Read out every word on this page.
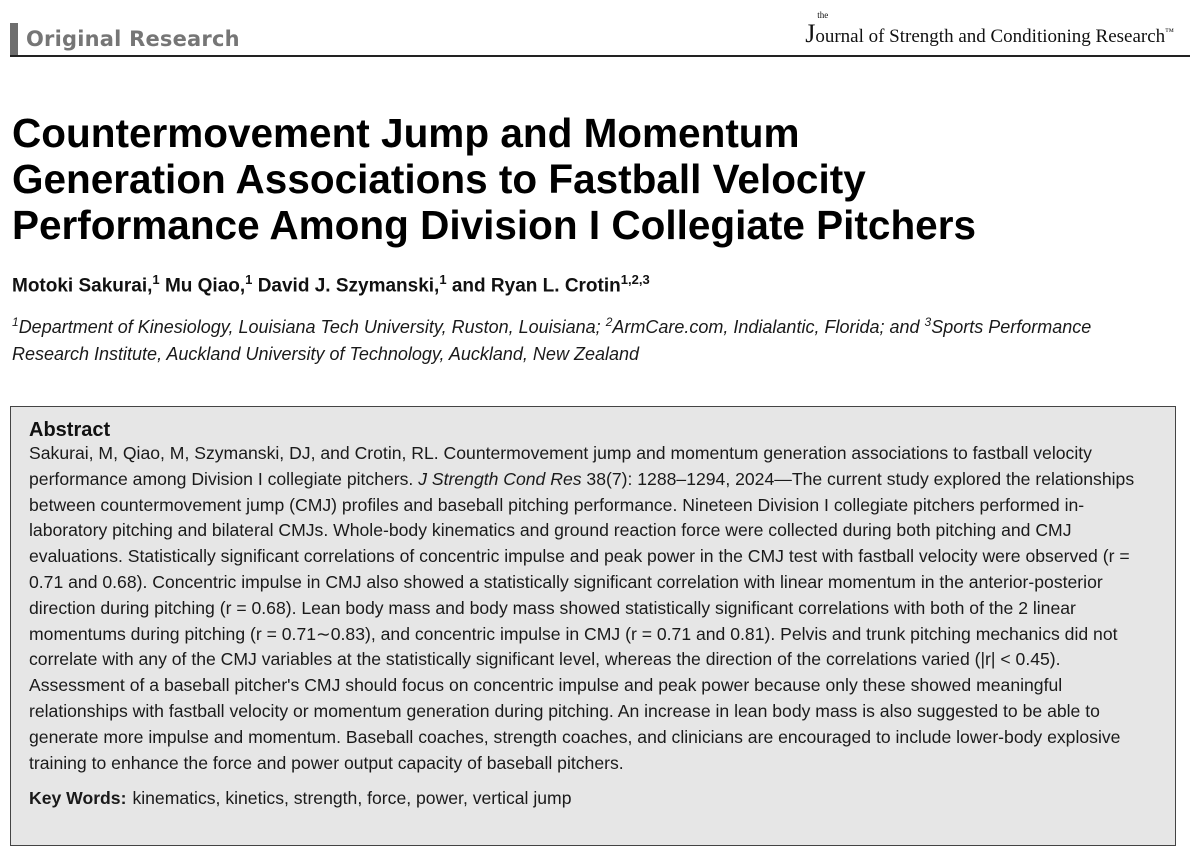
Original Research
the
Journal of Strength and Conditioning Research™
Countermovement Jump and Momentum
Generation Associations to Fastball Velocity
Performance Among Division I Collegiate Pitchers
Motoki Sakurai,$^1$ Mu Qiao,$^1$ David J. Szymanski,$^1$ and Ryan L. Crotin$^{1,2,3}$
$^1$Department of Kinesiology, Louisiana Tech University, Ruston, Louisiana; $^2$ArmCare.com, Indialantic, Florida; and $^3$Sports Performance Research Institute, Auckland University of Technology, Auckland, New Zealand
Abstract

Sakurai, M, Qiao, M, Szymanski, DJ, and Crotin, RL. Countermovement jump and momentum generation associations to fastball velocity performance among Division I collegiate pitchers. J Strength Cond Res 38(7): 1288–1294, 2024—The current study explored the relationships between countermovement jump (CMJ) profiles and baseball pitching performance. Nineteen Division I collegiate pitchers performed in-laboratory pitching and bilateral CMJs. Whole-body kinematics and ground reaction force were collected during both pitching and CMJ evaluations. Statistically significant correlations of concentric impulse and peak power in the CMJ test with fastball velocity were observed (r = 0.71 and 0.68). Concentric impulse in CMJ also showed a statistically significant correlation with linear momentum in the anterior-posterior direction during pitching (r = 0.68). Lean body mass and body mass showed statistically significant correlations with both of the 2 linear momentums during pitching (r = 0.71∼0.83), and concentric impulse in CMJ (r = 0.71 and 0.81). Pelvis and trunk pitching mechanics did not correlate with any of the CMJ variables at the statistically significant level, whereas the direction of the correlations varied (|r| < 0.45). Assessment of a baseball pitcher's CMJ should focus on concentric impulse and peak power because only these showed meaningful relationships with fastball velocity or momentum generation during pitching. An increase in lean body mass is also suggested to be able to generate more impulse and momentum. Baseball coaches, strength coaches, and clinicians are encouraged to include lower-body explosive training to enhance the force and power output capacity of baseball pitchers.

Key Words: kinematics, kinetics, strength, force, power, vertical jump
